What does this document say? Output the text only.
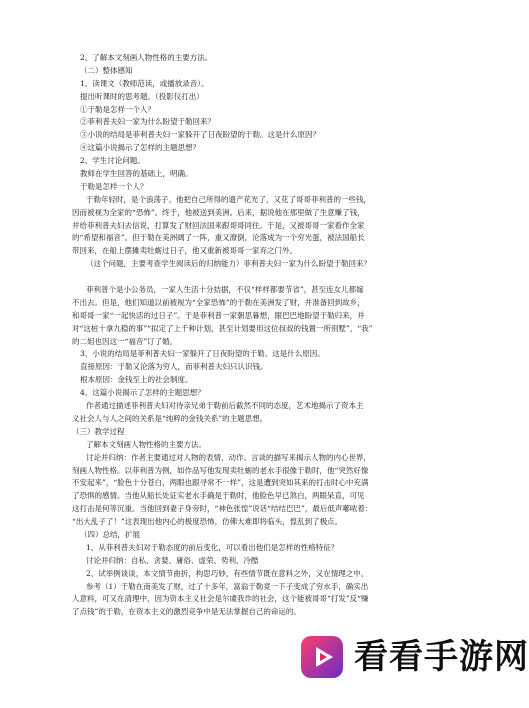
2、了解本文刻画人物性格的主要方法。
（二）整体感知
1、读课文（教师范读，或播放录音）。
提出听课时的思考题。（投影仪打出）
①于勒是怎样一个人？
②菲利普夫妇一家为什么盼望于勒回来？
③小说的结局是菲利普夫妇一家躲开了日夜盼望的于勒。这是什么原因？
④这篇小说揭示了怎样的主题思想？
2、学生讨论问题。
教师在学生回答的基础上，明确。
于勒是怎样一个人？
于勒年轻时，是个浪荡子。他把自己所得的遗产花光了，又花了哥哥菲利普的一些钱，
因而被视为全家的“恐怖”。终于，他被送到美洲。后来，据说他在那里做了生意赚了钱，
并给菲利普夫妇去信说，打算发了财回法国来跟哥哥同住。于是，又被哥哥一家看作全家
的“希望和福音”。但于勒在美洲阔了一阵，重又潦倒，沦落成为一个穷光蛋，被法国船长
带回来，在船上摆摊卖牡蛎过日子，他又重新被哥哥一家弃之门外。
（这个问题，主要考查学生阅读后的归纳能力）菲利普夫妇一家为什么盼望于勒回来？
菲利普个是小公务员，一家人生活十分拮据，不仅“样样都要节省”，甚至连女儿都嫁
不出去。但是，他们知道以前被视为“全家恐怖”的于勒在美洲发了财，并准备回到故乡，
和哥哥一家“一起快活的过日子”。于是菲利普一家朝思暮想，眼巴巴地盼望于勒归来，并
对“这桩十拿九稳的事”“拟定了上千种计划，甚至计划要用这位叔叔的钱置一所别墅”，“我”
的二姐也因这一“福音”订了婚。
3、小说的结局是菲利普夫妇一家躲开了日夜盼望的于勒。这是什么原因。
直接原因：于勒又沦落为穷人，而菲利普夫妇只认识钱。
根本原因：金钱至上的社会制度。
4、这篇小说揭示了怎样的主题思想？
作者通过描述菲利普夫妇对待亲兄弟于勒前后截然不同的态度，艺术地揭示了资本主
义社会人与人之间的关系是“纯粹的金钱关系”的主题思想。
（三）教学过程
了解本文刻画人物性格的主要方法。
讨论并归纳：作者主要通过对人物的表情、动作、言谈的描写来揭示人物的内心世界，
刻画人物性格。以菲利普为例，如作品写他发现卖牡蛎的老水手很像于勒时，他“突然好像
不安起来”，“脸色十分苍白，两眼也跟寻常不一样”，这是遭到突如其来的打击时心中充满
了恐惧的感情。当他从船长处证实老水手确是于勒时，他脸色早已煞白，两眼呆直，可见
这打击是何等沉重。当他回到妻子身旁时，“神色张惶”说话“结结巴巴”，最后低声嘟哝着：
“出大乱子了！”这表现出他内心的极度恐怖，仿佛大难即将临头，惶乱到了极点。
（四）总结，扩展
1、从菲利普夫妇对于勒态度的前后变化，可以看出他们是怎样的性格特征？
讨论并归纳：自私、贪婪、庸俗、虚荣、势利、冷酷
2、试举例谈谈，本文情节曲折，构思巧妙，有些情节既在意料之外，又在情理之中。
参考（1）于勒在南美发了财，过了十多年，富翁于勒竟一下子变成了穷水手，确实出
人意料，可又在清理中，因为资本主义社会是尔虞我诈的社会，这个能被哥哥“打发”反“赚
了点钱”的于勒，在资本主义的激烈竞争中是无法掌握自己的命运的。
看看手游网
